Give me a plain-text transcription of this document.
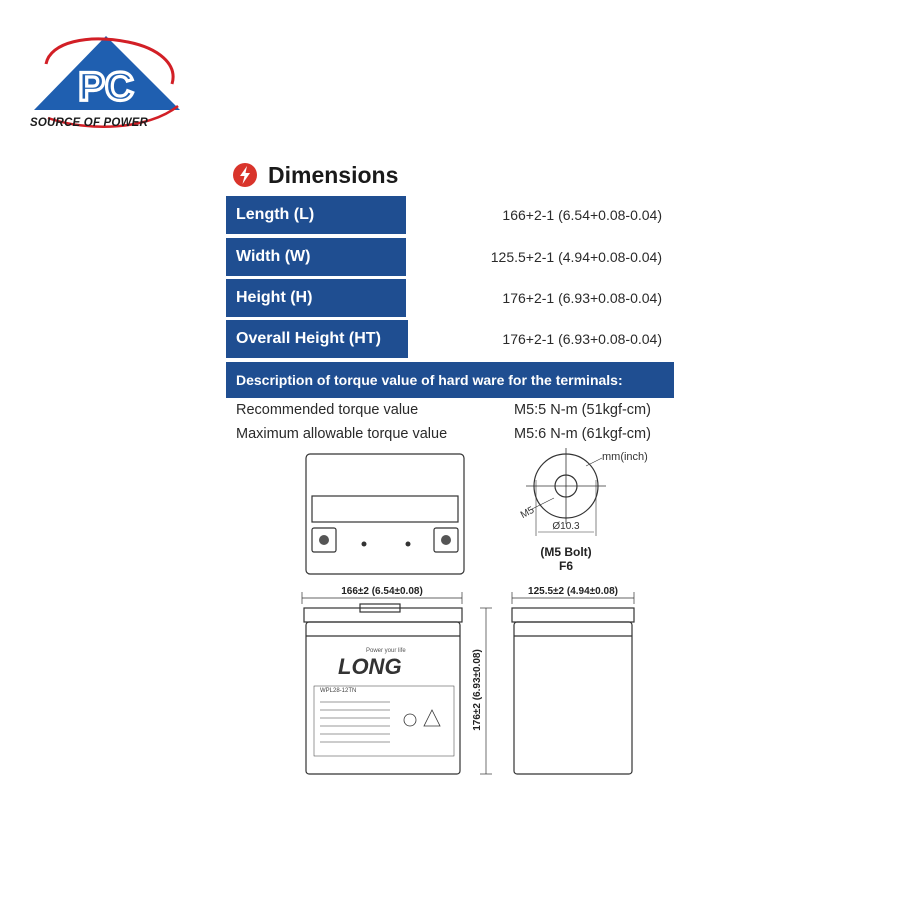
PC
SOURCE OF POWER
Dimensions
Length (L)	166+2-1 (6.54+0.08-0.04)
Width (W)	125.5+2-1 (4.94+0.08-0.04)
Height (H)	176+2-1 (6.93+0.08-0.04)
Overall Height (HT)	176+2-1 (6.93+0.08-0.04)
Description of torque value of hard ware for the terminals:
Recommended torque value	M5:5 N-m (51kgf-cm)
Maximum allowable torque value	M5:6 N-m (61kgf-cm)
mm(inch)
M5
Ø10.3
(M5 Bolt)
F6
166±2 (6.54±0.08)
LONG
Power your life
WPL28-12TN	176±2 (6.93±0.08)
125.5±2 (4.94±0.08)
